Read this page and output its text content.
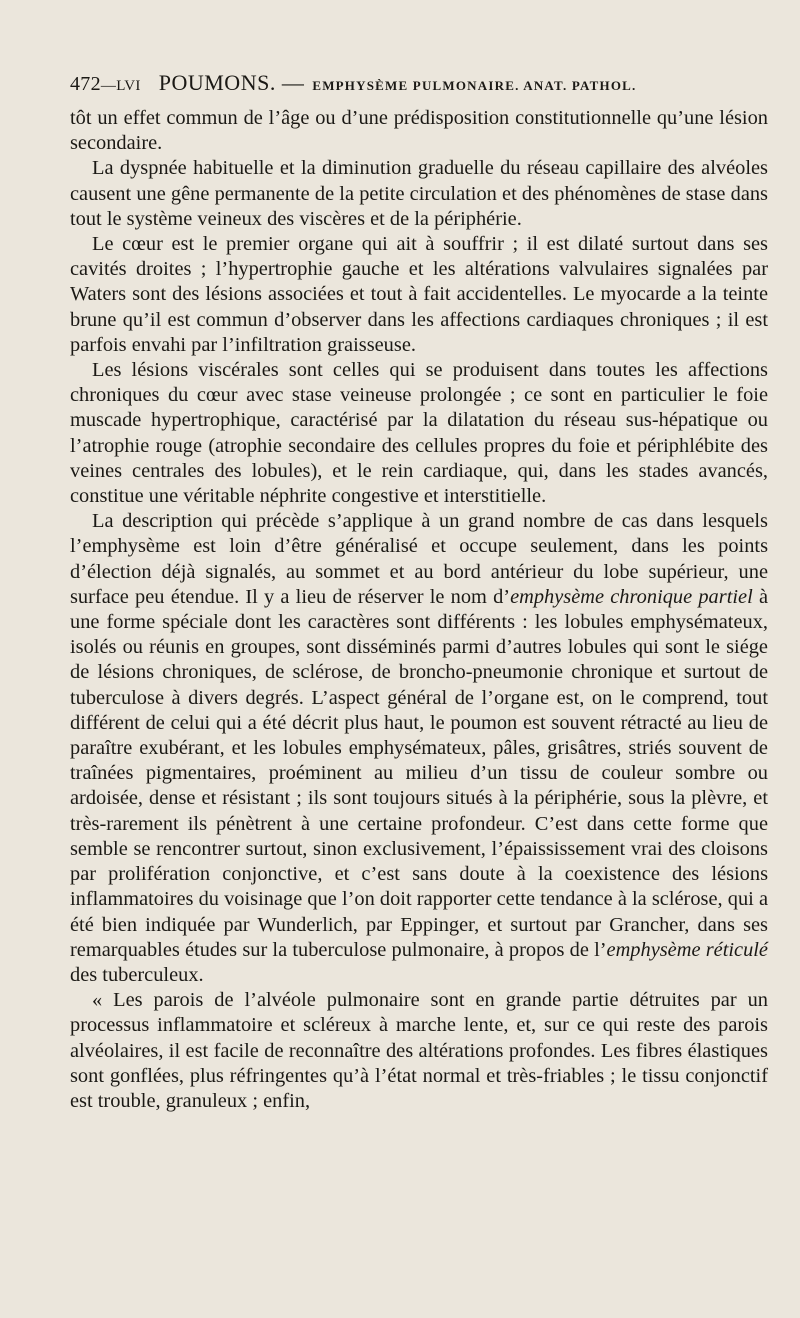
472 —LVI POUMONS. — EMPHYSÈME PULMONAIRE. ANAT. PATHOL.

tôt un effet commun de l’âge ou d’une prédisposition constitutionnelle qu’une lésion secondaire.

La dyspnée habituelle et la diminution graduelle du réseau capillaire des alvéoles causent une gêne permanente de la petite circulation et des phénomènes de stase dans tout le système veineux des viscères et de la périphérie.

Le cœur est le premier organe qui ait à souffrir ; il est dilaté surtout dans ses cavités droites ; l’hypertrophie gauche et les altérations valvulaires signalées par Waters sont des lésions associées et tout à fait accidentelles. Le myocarde a la teinte brune qu’il est commun d’observer dans les affections cardiaques chroniques ; il est parfois envahi par l’infiltration graisseuse.

Les lésions viscérales sont celles qui se produisent dans toutes les affections chroniques du cœur avec stase veineuse prolongée ; ce sont en particulier le foie muscade hypertrophique, caractérisé par la dilatation du réseau sus-hépatique ou l’atrophie rouge (atrophie secondaire des cellules propres du foie et périphlébite des veines centrales des lobules), et le rein cardiaque, qui, dans les stades avancés, constitue une véritable néphrite congestive et interstitielle.

La description qui précède s’applique à un grand nombre de cas dans lesquels l’emphysème est loin d’être généralisé et occupe seulement, dans les points d’élection déjà signalés, au sommet et au bord antérieur du lobe supérieur, une surface peu étendue. Il y a lieu de réserver le nom d’emphysème chronique partiel à une forme spéciale dont les caractères sont différents : les lobules emphysémateux, isolés ou réunis en groupes, sont disséminés parmi d’autres lobules qui sont le siége de lésions chroniques, de sclérose, de broncho-pneumonie chronique et surtout de tuberculose à divers degrés. L’aspect général de l’organe est, on le comprend, tout différent de celui qui a été décrit plus haut, le poumon est souvent rétracté au lieu de paraître exubérant, et les lobules emphysémateux, pâles, grisâtres, striés souvent de traînées pigmentaires, proéminent au milieu d’un tissu de couleur sombre ou ardoisée, dense et résistant ; ils sont toujours situés à la périphérie, sous la plèvre, et très-rarement ils pénètrent à une certaine profondeur. C’est dans cette forme que semble se rencontrer surtout, sinon exclusivement, l’épaississement vrai des cloisons par prolifération conjonctive, et c’est sans doute à la coexistence des lésions inflammatoires du voisinage que l’on doit rapporter cette tendance à la sclérose, qui a été bien indiquée par Wunderlich, par Eppinger, et surtout par Grancher, dans ses remarquables études sur la tuberculose pulmonaire, à propos de l’emphysème réticulé des tuberculeux.

« Les parois de l’alvéole pulmonaire sont en grande partie détruites par un processus inflammatoire et scléreux à marche lente, et, sur ce qui reste des parois alvéolaires, il est facile de reconnaître des altérations profondes. Les fibres élastiques sont gonflées, plus réfringentes qu’à l’état normal et très-friables ; le tissu conjonctif est trouble, granuleux ; enfin,
